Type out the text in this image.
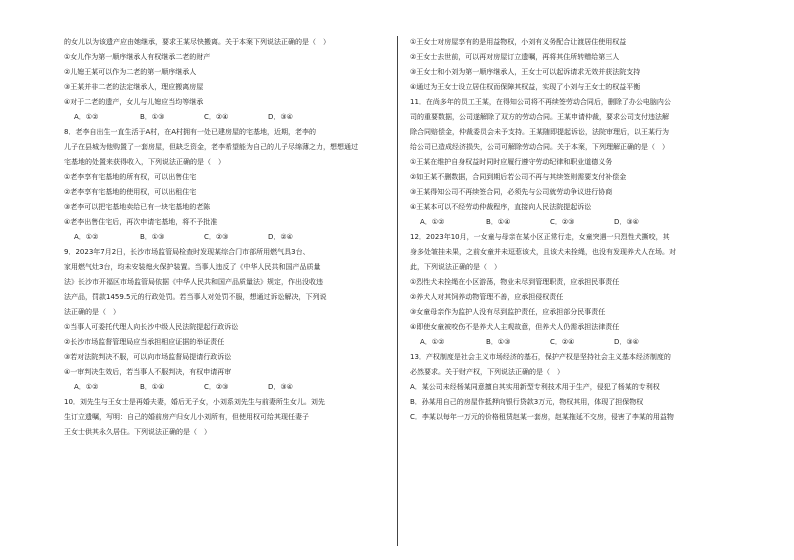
的女儿以为该遗产应由她继承，要求王某尽快搬离。关于本案下列说法正确的是（　）
①女儿作为第一顺序继承人有权继承二老的财产
②儿媳王某可以作为二老的第一顺序继承人
③王某并非二老的法定继承人，理应搬离房屋
④对于二老的遗产，女儿与儿媳应当均等继承
A．①②	B．①③	C．②④	D．③④
8．老李自出生一直生活于A村，在A村拥有一处已建房屋的宅基地，近期，老李的
儿子在县城为他购置了一套房屋，但缺乏资金，老李希望能为自己的儿子尽绵薄之力，想想通过
宅基地的处置来获得收入，下列说法正确的是（　）
①老李享有宅基地的所有权，可以出售住宅
②老李享有宅基地的使用权，可以出租住宅
③老李可以把宅基地卖给已有一块宅基地的老陈
④老李出售住宅后，再次申请宅基地，将不予批准
A．①②	B．①③	C．②③	D．②④
9．2023年7月2日，长沙市场监管局检查时发现某综合门市部所用燃气具3台、
家用燃气灶3台，均未安装熄火保护装置。当事人违反了《中华人民共和国产品质量
法》长沙市开福区市场监管局依据《中华人民共和国产品质量法》规定，作出没收违
法产品，罚款1459.5元的行政处罚。若当事人对处罚不服，想通过诉讼解决，下列说
法正确的是（　）
①当事人可委托代理人向长沙中级人民法院提起行政诉讼
②长沙市场监督管理局应当承担相应证据的举证责任
③若对法院判决不服，可以向市场监督局提请行政诉讼
④一审判决生效后，若当事人不服判决，有权申请再审
A．①②	B．①④	C．②③	D．③④
10．刘先生与王女士是再婚夫妻，婚后无子女，小刘系刘先生与前妻所生女儿。刘先
生订立遗嘱，写明：自己的婚前房产归女儿小刘所有，但使用权可给其现任妻子
王女士供其永久居住。下列说法正确的是（　）
①王女士对房屋享有的是用益物权，小刘有义务配合让渡居住使用权益
②王女士去世前，可以再对房屋订立遗嘱，再将其住所转赠给第三人
③王女士和小刘为第一顺序继承人，王女士可以起诉请求无效并获法院支持
④通过为王女士设立居住权而保障其权益，实现了小刘与王女士的权益平衡
11．在尚多年的员工王某，在得知公司将不再续签劳动合同后，删除了办公电脑内公
司的重要数据，公司遂解除了双方的劳动合同。王某申请仲裁，要求公司支付违法解
除合同赔偿金，仲裁委员会未予支持。王某随即提起诉讼，法院审理后，以王某行为
给公司已造成经济损失，公司可解除劳动合同。关于本案，下列理解正确的是（　）
①王某在维护自身权益时同时应履行遵守劳动纪律和职业道德义务
②如王某不删数据，合同到期后若公司不再与其续签则需要支付补偿金
③王某得知公司不再续签合同，必须先与公司就劳动争议进行协商
④王某本可以不经劳动仲裁程序，直接向人民法院提起诉讼
A．①②	B．①④	C．②③	D．③④
12．2023年10月，一女童与母亲在某小区正常行走，女童突遇一只烈性犬撕咬，其
身多处皱挂未果，之前女童并未逗惹该犬，且该犬未拴绳，也没有发现养犬人在场。对
此，下列说法正确的是（　）
①烈性犬未拴绳在小区游荡，物业未尽到管理职责，应承担民事责任
②养犬人对其饲养动物管理不善，应承担侵权责任
③女童母亲作为监护人没有尽到监护责任，应承担部分民事责任
④即使女童被咬伤不是养犬人主观故意，但养犬人仍需承担法律责任
A．①②	B．①③	C．②④	D．③④
13．产权制度是社会主义市场经济的基石，保护产权是坚持社会主义基本经济制度的
必然要求。关于财产权，下列说法正确的是（　）
A．某公司未经杨某同意擅自其实用新型专利技术用于生产，侵犯了杨某的专利权
B．孙某用自己的房屋作抵押向银行贷款3万元，物权其用，体现了担保物权
C．李某以每年一万元的价格租赁赵某一套房，赵某拖延不交房，侵害了李某的用益物
